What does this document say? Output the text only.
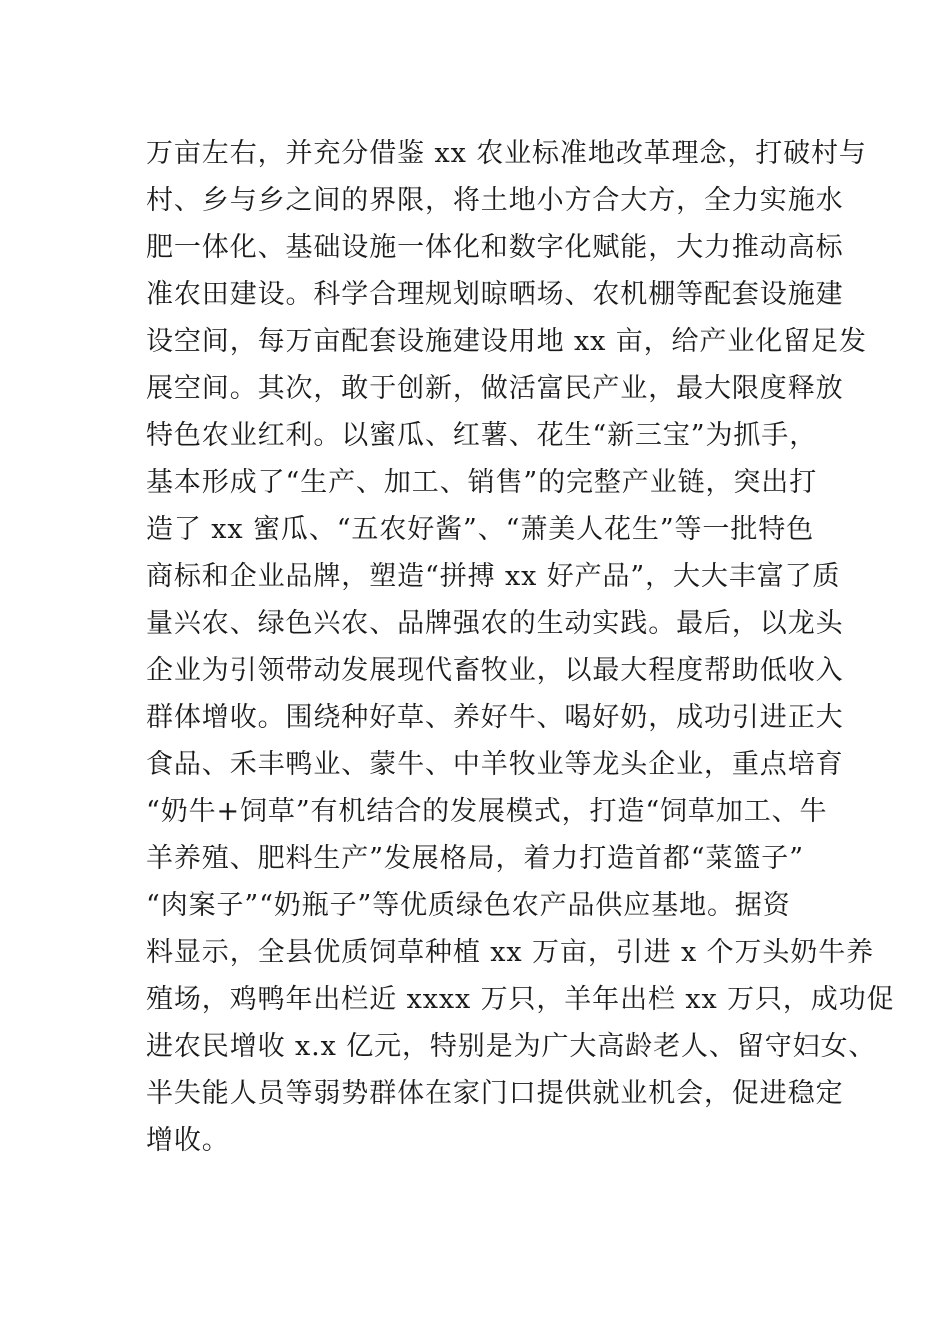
万亩左右，并充分借鉴 xx 农业标准地改革理念，打破村与
村、乡与乡之间的界限，将土地小方合大方，全力实施水
肥一体化、基础设施一体化和数字化赋能，大力推动高标
准农田建设。科学合理规划晾晒场、农机棚等配套设施建
设空间，每万亩配套设施建设用地 xx 亩，给产业化留足发
展空间。其次，敢于创新，做活富民产业，最大限度释放
特色农业红利。以蜜瓜、红薯、花生“新三宝”为抓手，
基本形成了“生产、加工、销售”的完整产业链，突出打
造了 xx 蜜瓜、“五农好酱”、“萧美人花生”等一批特色
商标和企业品牌，塑造“拼搏 xx 好产品”，大大丰富了质
量兴农、绿色兴农、品牌强农的生动实践。最后，以龙头
企业为引领带动发展现代畜牧业，以最大程度帮助低收入
群体增收。围绕种好草、养好牛、喝好奶，成功引进正大
食品、禾丰鸭业、蒙牛、中羊牧业等龙头企业，重点培育
“奶牛+饲草”有机结合的发展模式，打造“饲草加工、牛
羊养殖、肥料生产”发展格局，着力打造首都“菜篮子”
“肉案子”“奶瓶子”等优质绿色农产品供应基地。据资
料显示，全县优质饲草种植 xx 万亩，引进 x 个万头奶牛养
殖场，鸡鸭年出栏近 xxxx 万只，羊年出栏 xx 万只，成功促
进农民增收 x.x 亿元，特别是为广大高龄老人、留守妇女、
半失能人员等弱势群体在家门口提供就业机会，促进稳定
增收。
